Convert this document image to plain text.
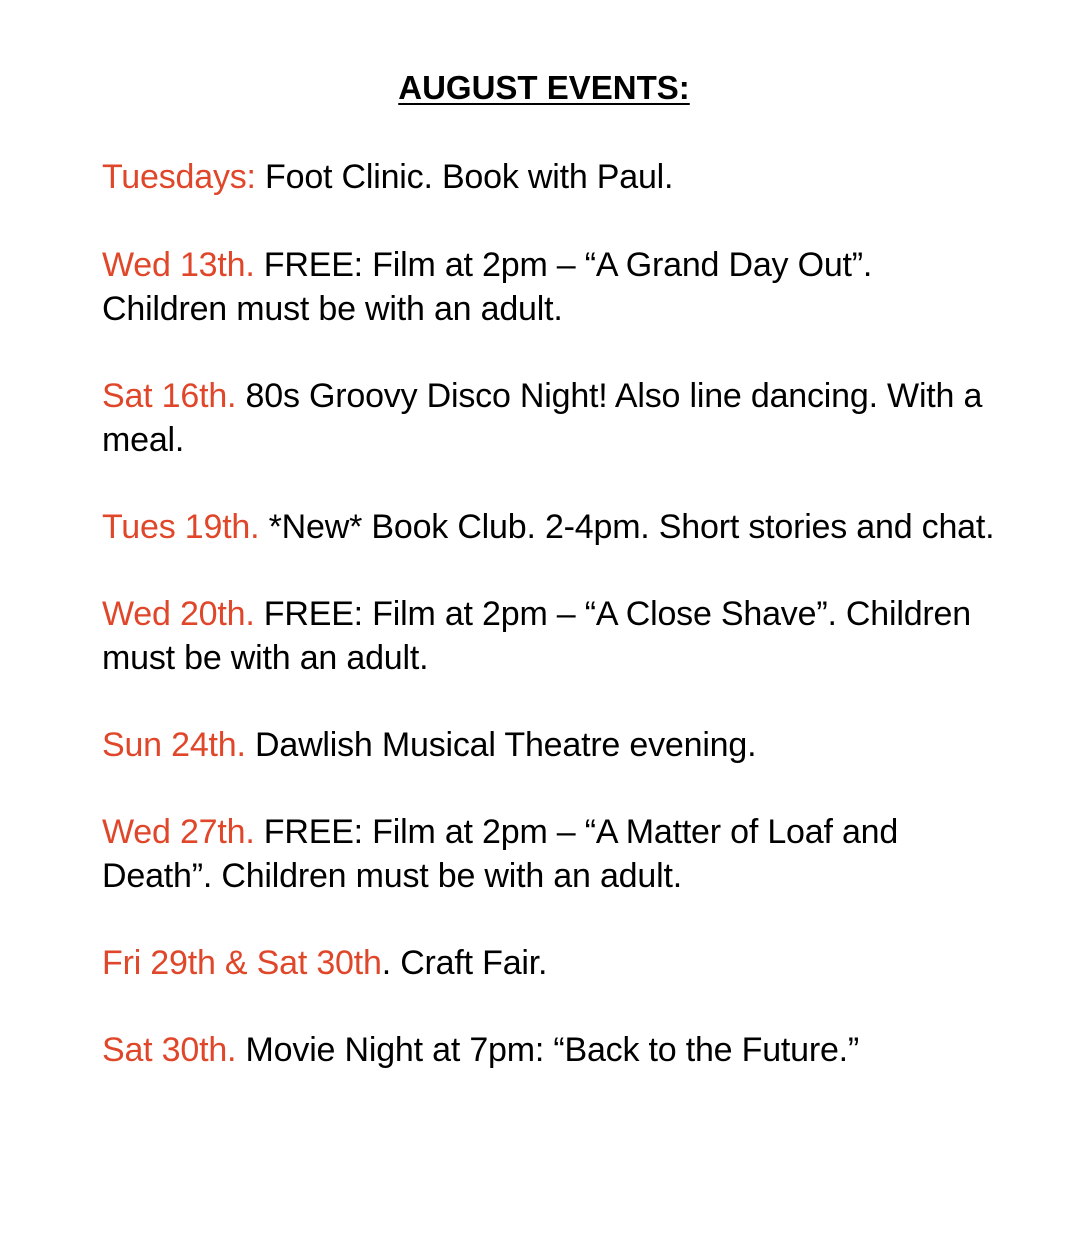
AUGUST EVENTS:

Tuesdays: Foot Clinic. Book with Paul.

Wed 13th. FREE: Film at 2pm – “A Grand Day Out”. Children must be with an adult.

Sat 16th. 80s Groovy Disco Night! Also line dancing. With a meal.

Tues 19th. *New* Book Club. 2-4pm. Short stories and chat.

Wed 20th. FREE: Film at 2pm – “A Close Shave”. Children must be with an adult.

Sun 24th. Dawlish Musical Theatre evening.

Wed 27th. FREE: Film at 2pm – “A Matter of Loaf and Death”. Children must be with an adult.

Fri 29th & Sat 30th. Craft Fair.

Sat 30th. Movie Night at 7pm: “Back to the Future.”
